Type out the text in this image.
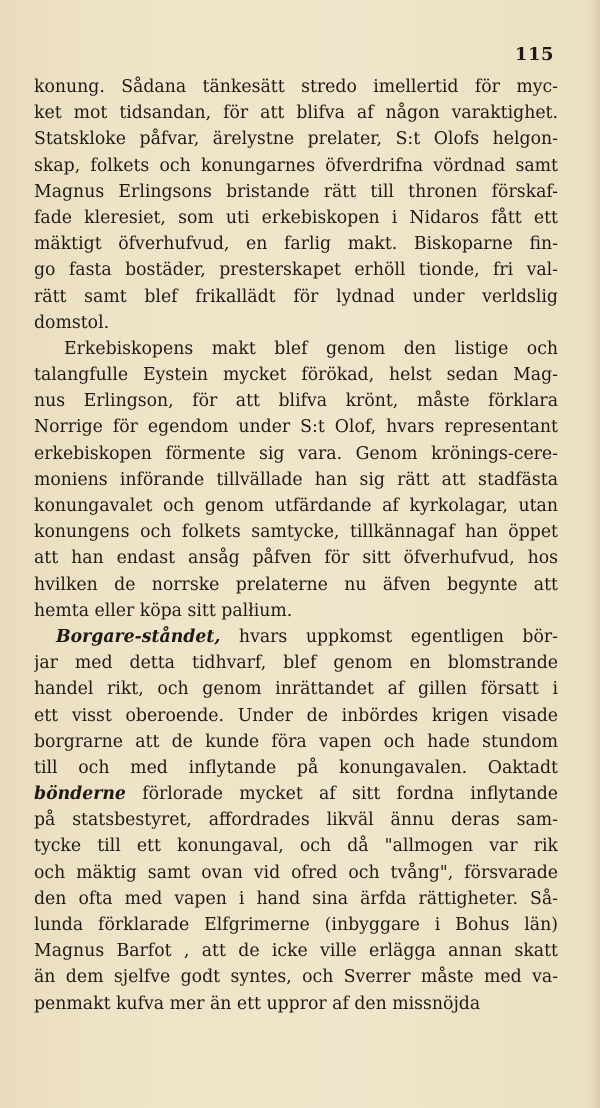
115
konung. Sådana tänkesätt stredo imellertid för myc-
ket mot tidsandan, för att blifva af någon varaktighet.
Statskloke påfvar, ärelystne prelater, S:t Olofs helgon-
skap, folkets och konungarnes öfverdrifna vördnad samt
Magnus Erlingsons bristande rätt till thronen förskaf-
fade kleresiet, som uti erkebiskopen i Nidaros fått ett
mäktigt öfverhufvud, en farlig makt. Biskoparne fin-
go fasta bostäder, presterskapet erhöll tionde, fri val-
rätt samt blef frikallädt för lydnad under verldslig
domstol.
Erkebiskopens makt blef genom den listige och
talangfulle Eystein mycket förökad, helst sedan Mag-
nus Erlingson, för att blifva krönt, måste förklara
Norrige för egendom under S:t Olof, hvars representant
erkebiskopen förmente sig vara. Genom krönings-cere-
moniens införande tillvällade han sig rätt att stadfästa
konungavalet och genom utfärdande af kyrkolagar, utan
konungens och folkets samtycke, tillkännagaf han öppet
att han endast ansåg påfven för sitt öfverhufvud, hos
hvilken de norrske prelaterne nu äfven begynte att
hemta eller köpa sitt palłium.
Borgare-ståndet, hvars uppkomst egentligen bör-
jar med detta tidhvarf, blef genom en blomstrande
handel rikt, och genom inrättandet af gillen försatt i
ett visst oberoende. Under de inbördes krigen visade
borgrarne att de kunde föra vapen och hade stundom
till och med inflytande på konungavalen. Oaktadt
bönderne förlorade mycket af sitt fordna inflytande
på statsbestyret, affordrades likväl ännu deras sam-
tycke till ett konungaval, och då "allmogen var rik
och mäktig samt ovan vid ofred och tvång", försvarade
den ofta med vapen i hand sina ärfda rättigheter. Så-
lunda förklarade Elfgrimerne (inbyggare i Bohus län)
Magnus Barfot , att de icke ville erlägga annan skatt
än dem sjelfve godt syntes, och Sverrer måste med va-
penmakt kufva mer än ett uppror af den missnöjda
